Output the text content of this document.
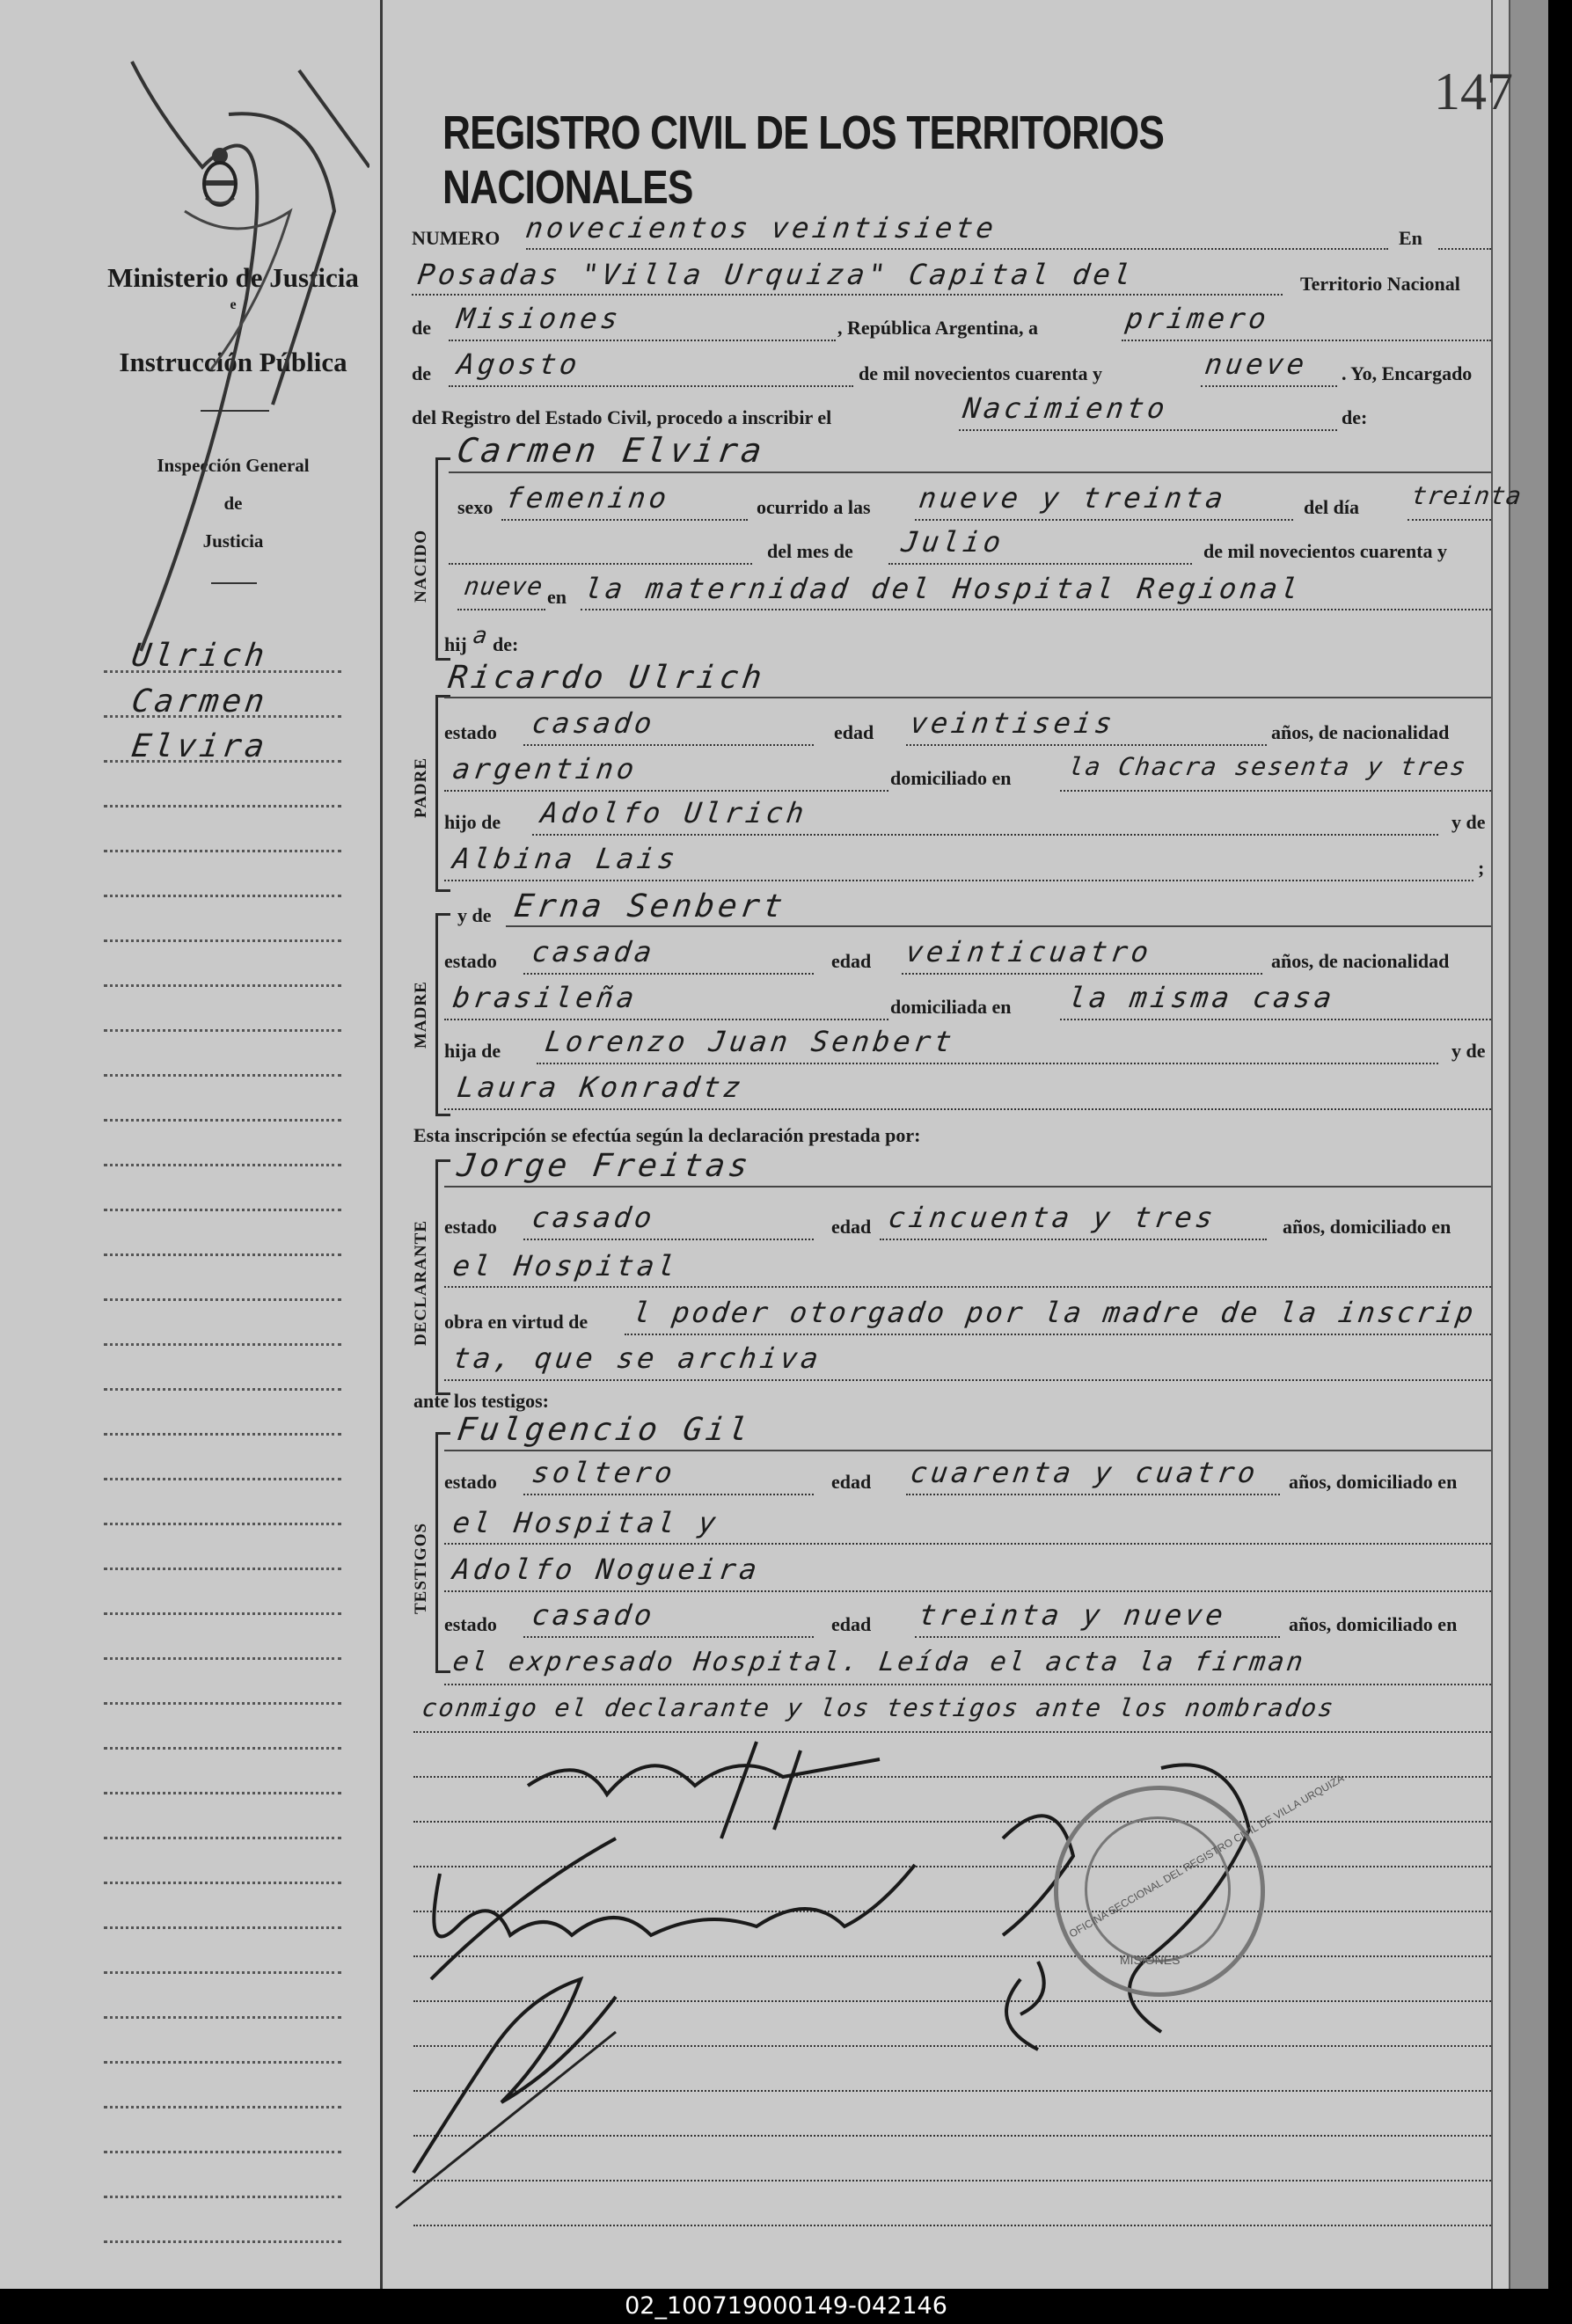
Ministerio de Justicia
e
Instrucción Pública
Inspección General
de
Justicia
Ulrich
Carmen
Elvira
147
REGISTRO CIVIL DE LOS TERRITORIOS NACIONALES
NUMERO novecientos veintisiete	En
Posadas "Villa Urquiza" Capital del	Territorio Nacional
de Misiones	, República Argentina, a	primero
de Agosto	de mil novecientos cuarenta y	nueve . Yo, Encargado
del Registro del Estado Civil, procedo a inscribir el	Nacimiento	de:
NACIDO
Carmen Elvira
sexo femenino	ocurrido a las nueve y treinta	del día treinta
del mes de Julio	de mil novecientos cuarenta y
nueve en la maternidad del Hospital Regional
hij a de:
PADRE
Ricardo Ulrich
estado casado	edad veintiseis	años, de nacionalidad
argentino	domiciliado en la Chacra sesenta y tres
hijo de Adolfo Ulrich	y de
Albina Lais	;
MADRE
y de Erna Senbert
estado casada	edad veinticuatro	años, de nacionalidad
brasileña	domiciliada en la misma casa
hija de Lorenzo Juan Senbert	y de
Laura Konradtz
Esta inscripción se efectúa según la declaración prestada por:
DECLARANTE
Jorge Freitas
estado casado	edad cincuenta y tres	años, domiciliado en
el Hospital
obra en virtud de l poder otorgado por la madre de la inscrip
ta, que se archiva
ante los testigos:
TESTIGOS
Fulgencio Gil
estado soltero	edad cuarenta y cuatro años, domiciliado en
el Hospital y
Adolfo Nogueira
estado casado	edad treinta y nueve	años, domiciliado en
el expresado Hospital. Leída el acta la firman
conmigo el declarante y los testigos ante los nombrados
OFICINA SECCIONAL DEL REGISTRO CIVIL DE VILLA URQUIZA
MISIONES
02_100719000149-042146
